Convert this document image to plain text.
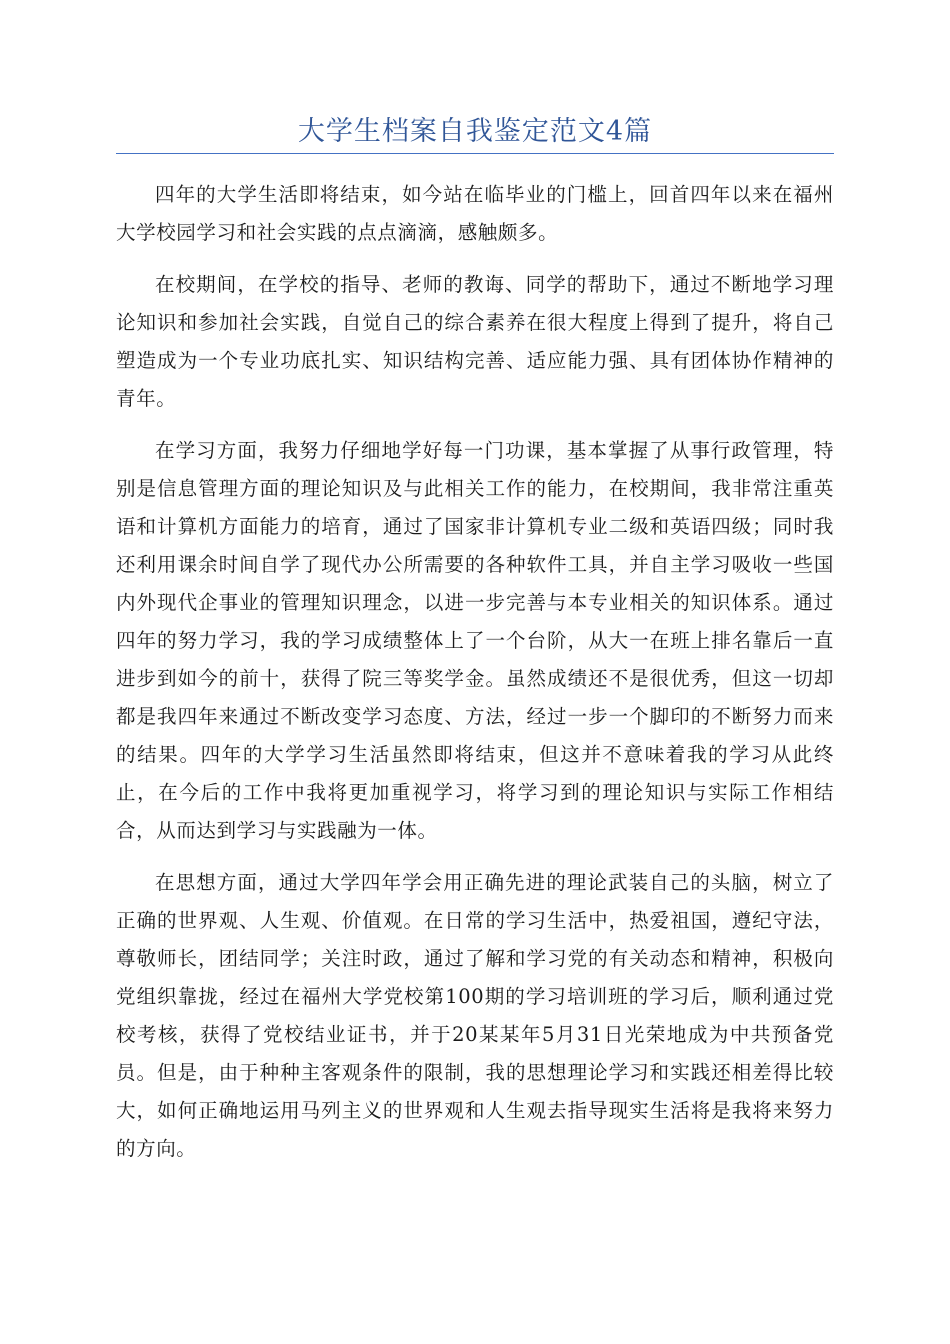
大学生档案自我鉴定范文4篇

四年的大学生活即将结束，如今站在临毕业的门槛上，回首四年以来在福州大学校园学习和社会实践的点点滴滴，感触颇多。

在校期间，在学校的指导、老师的教诲、同学的帮助下，通过不断地学习理论知识和参加社会实践，自觉自己的综合素养在很大程度上得到了提升，将自己塑造成为一个专业功底扎实、知识结构完善、适应能力强、具有团体协作精神的青年。

在学习方面，我努力仔细地学好每一门功课，基本掌握了从事行政管理，特别是信息管理方面的理论知识及与此相关工作的能力，在校期间，我非常注重英语和计算机方面能力的培育，通过了国家非计算机专业二级和英语四级；同时我还利用课余时间自学了现代办公所需要的各种软件工具，并自主学习吸收一些国内外现代企事业的管理知识理念，以进一步完善与本专业相关的知识体系。通过四年的努力学习，我的学习成绩整体上了一个台阶，从大一在班上排名靠后一直进步到如今的前十，获得了院三等奖学金。虽然成绩还不是很优秀，但这一切却都是我四年来通过不断改变学习态度、方法，经过一步一个脚印的不断努力而来的结果。四年的大学学习生活虽然即将结束，但这并不意味着我的学习从此终止，在今后的工作中我将更加重视学习，将学习到的理论知识与实际工作相结合，从而达到学习与实践融为一体。

在思想方面，通过大学四年学会用正确先进的理论武装自己的头脑，树立了正确的世界观、人生观、价值观。在日常的学习生活中，热爱祖国，遵纪守法，尊敬师长，团结同学；关注时政，通过了解和学习党的有关动态和精神，积极向党组织靠拢，经过在福州大学党校第100期的学习培训班的学习后，顺利通过党校考核，获得了党校结业证书，并于20某某年5月31日光荣地成为中共预备党员。但是，由于种种主客观条件的限制，我的思想理论学习和实践还相差得比较大，如何正确地运用马列主义的世界观和人生观去指导现实生活将是我将来努力的方向。
